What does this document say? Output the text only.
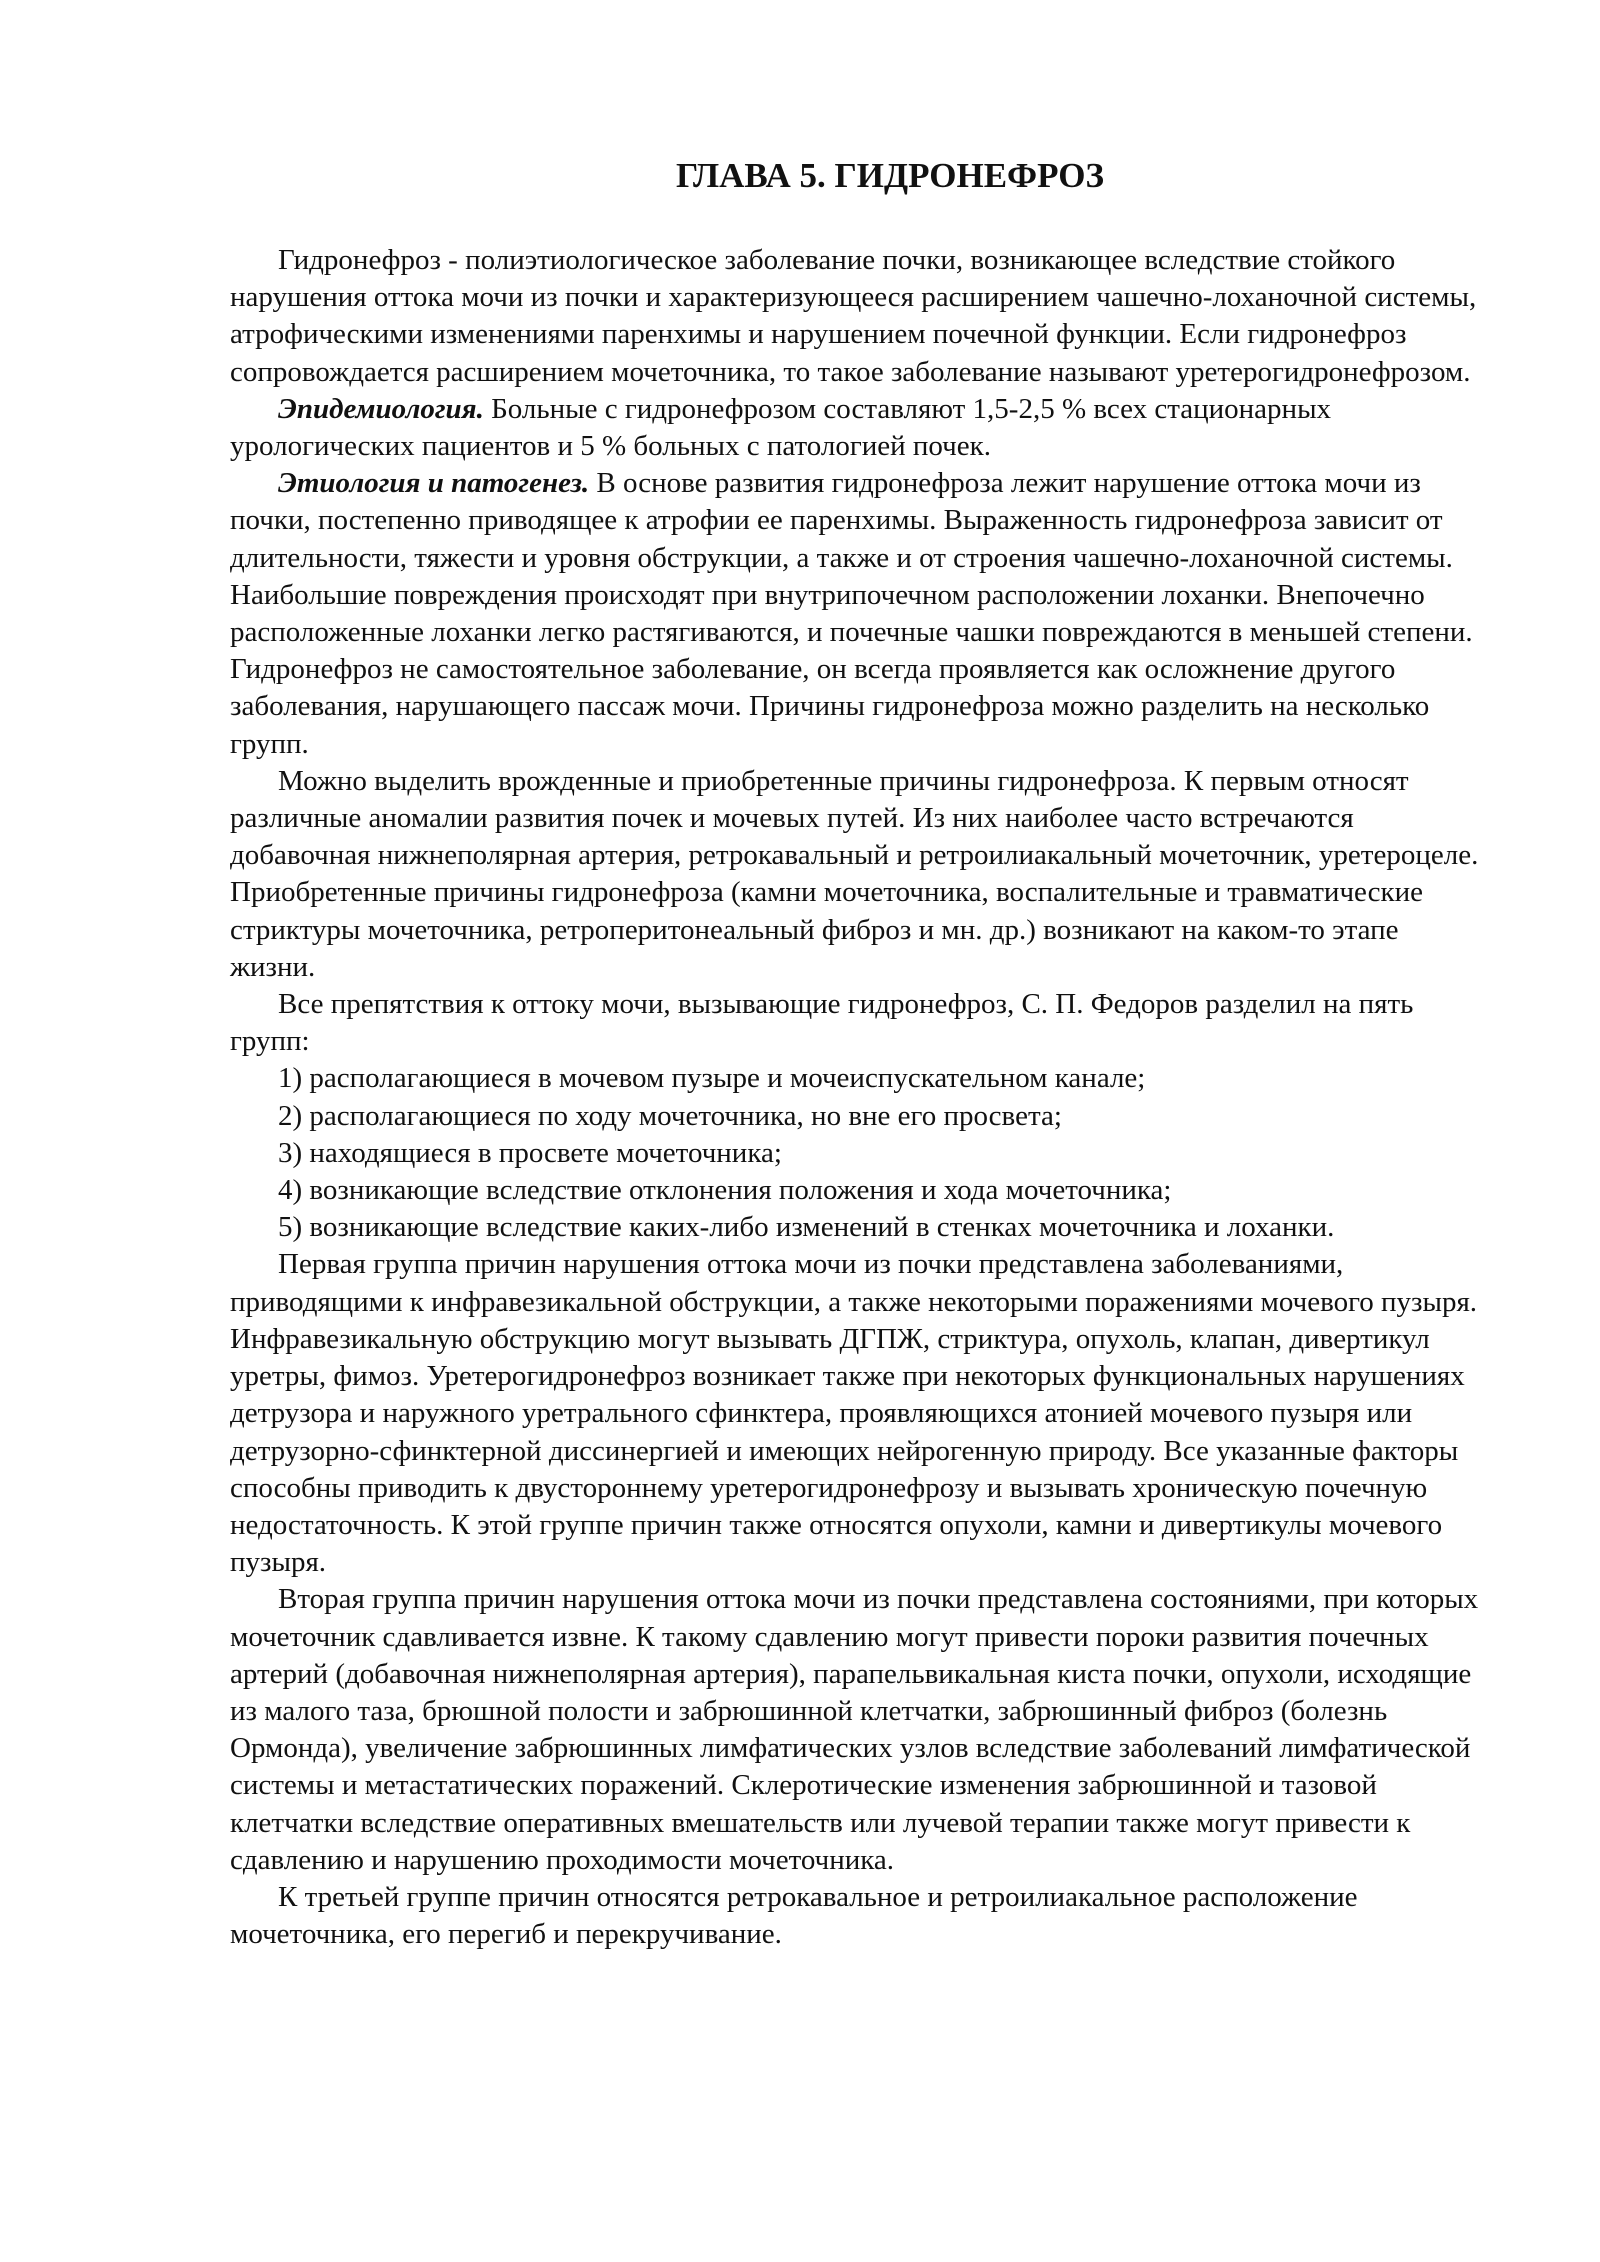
ГЛАВА 5. ГИДРОНЕФРОЗ

Гидронефроз - полиэтиологическое заболевание почки, возникающее вследствие стойкого нарушения оттока мочи из почки и характеризующееся расширением чашечно-лоханочной системы, атрофическими изменениями паренхимы и нарушением почечной функции. Если гидронефроз сопровождается расширением мочеточника, то такое заболевание называют уретерогидронефрозом.

Эпидемиология. Больные с гидронефрозом составляют 1,5-2,5 % всех стационарных урологических пациентов и 5 % больных с патологией почек.

Этиология и патогенез. В основе развития гидронефроза лежит нарушение оттока мочи из почки, постепенно приводящее к атрофии ее паренхимы. Выраженность гидронефроза зависит от длительности, тяжести и уровня обструкции, а также и от строения чашечно-лоханочной системы. Наибольшие повреждения происходят при внутрипочечном расположении лоханки. Внепочечно расположенные лоханки легко растягиваются, и почечные чашки повреждаются в меньшей степени. Гидронефроз не самостоятельное заболевание, он всегда проявляется как осложнение другого заболевания, нарушающего пассаж мочи. Причины гидронефроза можно разделить на несколько групп.

Можно выделить врожденные и приобретенные причины гидронефроза. К первым относят различные аномалии развития почек и мочевых путей. Из них наиболее часто встречаются добавочная нижнеполярная артерия, ретрокавальный и ретроилиакальный мочеточник, уретероцеле. Приобретенные причины гидронефроза (камни мочеточника, воспалительные и травматические стриктуры мочеточника, ретроперитонеальный фиброз и мн. др.) возникают на каком-то этапе жизни.

Все препятствия к оттоку мочи, вызывающие гидронефроз, С. П. Федоров разделил на пять групп:

1) располагающиеся в мочевом пузыре и мочеиспускательном канале;

2) располагающиеся по ходу мочеточника, но вне его просвета;

3) находящиеся в просвете мочеточника;

4) возникающие вследствие отклонения положения и хода мочеточника;

5) возникающие вследствие каких-либо изменений в стенках мочеточника и лоханки.

Первая группа причин нарушения оттока мочи из почки представлена заболеваниями, приводящими к инфравезикальной обструкции, а также некоторыми поражениями мочевого пузыря. Инфравезикальную обструкцию могут вызывать ДГПЖ, стриктура, опухоль, клапан, дивертикул уретры, фимоз. Уретерогидронефроз возникает также при некоторых функциональных нарушениях детрузора и наружного уретрального сфинктера, проявляющихся атонией мочевого пузыря или детрузорно-сфинктерной диссинергией и имеющих нейрогенную природу. Все указанные факторы способны приводить к двустороннему уретерогидронефрозу и вызывать хроническую почечную недостаточность. К этой группе причин также относятся опухоли, камни и дивертикулы мочевого пузыря.

Вторая группа причин нарушения оттока мочи из почки представлена состояниями, при которых мочеточник сдавливается извне. К такому сдавлению могут привести пороки развития почечных артерий (добавочная нижнеполярная артерия), парапельвикальная киста почки, опухоли, исходящие из малого таза, брюшной полости и забрюшинной клетчатки, забрюшинный фиброз (болезнь Ормонда), увеличение забрюшинных лимфатических узлов вследствие заболеваний лимфатической системы и метастатических поражений. Склеротические изменения забрюшинной и тазовой клетчатки вследствие оперативных вмешательств или лучевой терапии также могут привести к сдавлению и нарушению проходимости мочеточника.

К третьей группе причин относятся ретрокавальное и ретроилиакальное расположение мочеточника, его перегиб и перекручивание.
